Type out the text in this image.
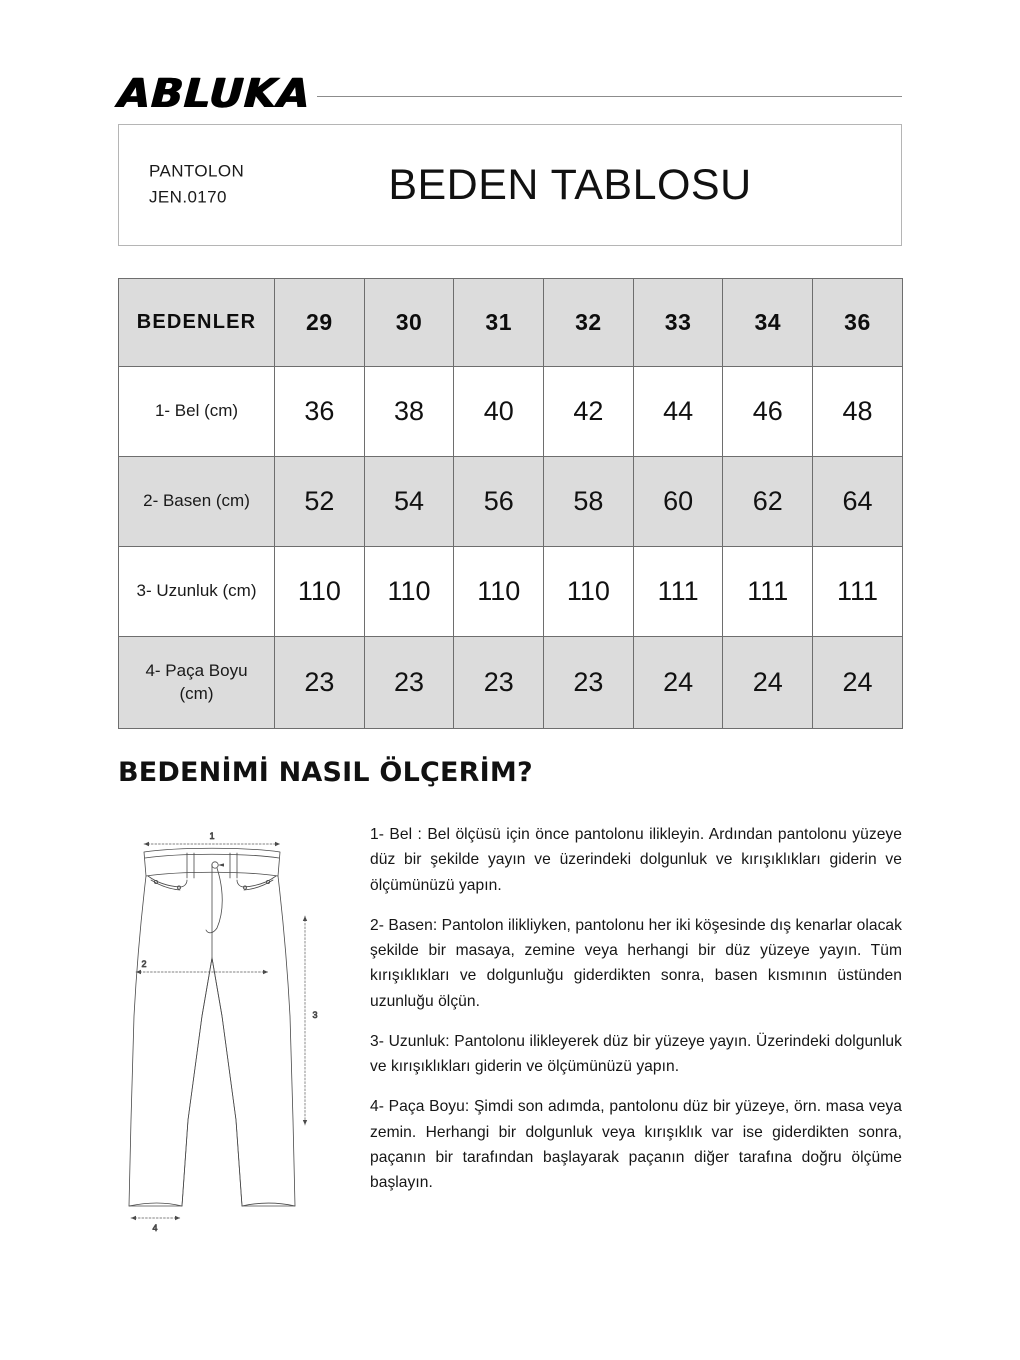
ABLUKA
PANTOLON
JEN.0170	BEDEN TABLOSU
BEDENLER	29	30	31	32	33	34	36
1- Bel (cm)	36	38	40	42	44	46	48
2- Basen (cm)	52	54	56	58	60	62	64
3- Uzunluk (cm)	110	110	110	110	111	111	111
4- Paça Boyu (cm)	23	23	23	23	24	24	24
BEDENİMİ NASIL ÖLÇERİM?
1
2
3
4

1- Bel : Bel ölçüsü için önce pantolonu ilikleyin. Ardından pantolonu yüzeye düz bir şekilde yayın ve üzerindeki dolgunluk ve kırışıklıkları giderin ve ölçümünüzü yapın.

2- Basen: Pantolon ilikliyken, pantolonu her iki köşesinde dış kenarlar olacak şekilde bir masaya, zemine veya herhangi bir düz yüzeye yayın. Tüm kırışıklıkları ve dolgunluğu giderdikten sonra, basen kısmının üstünden uzunluğu ölçün.

3- Uzunluk: Pantolonu ilikleyerek düz bir yüzeye yayın. Üzerindeki dolgunluk ve kırışıklıkları giderin ve ölçümünüzü yapın.

4- Paça Boyu: Şimdi son adımda, pantolonu düz bir yüzeye, örn. masa veya zemin. Herhangi bir dolgunluk veya kırışıklık var ise giderdikten sonra, paçanın bir tarafından başlayarak paçanın diğer tarafına doğru ölçüme başlayın.
